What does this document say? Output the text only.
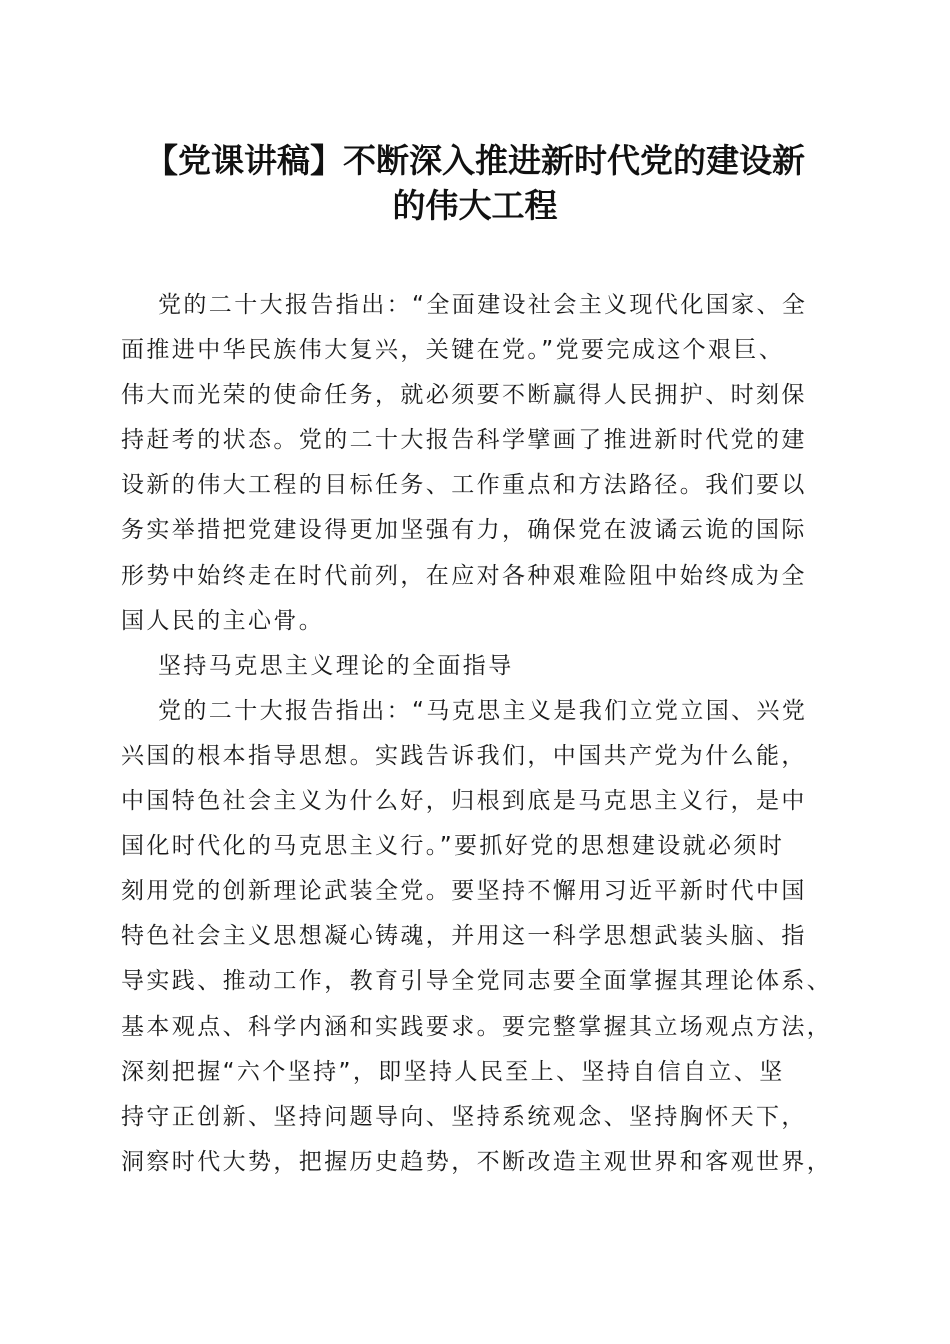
【党课讲稿】不断深入推进新时代党的建设新
的伟大工程
党的二十大报告指出：“全面建设社会主义现代化国家、全
面推进中华民族伟大复兴，关键在党。”党要完成这个艰巨、
伟大而光荣的使命任务，就必须要不断赢得人民拥护、时刻保
持赶考的状态。党的二十大报告科学擘画了推进新时代党的建
设新的伟大工程的目标任务、工作重点和方法路径。我们要以
务实举措把党建设得更加坚强有力，确保党在波谲云诡的国际
形势中始终走在时代前列，在应对各种艰难险阻中始终成为全
国人民的主心骨。
坚持马克思主义理论的全面指导
党的二十大报告指出：“马克思主义是我们立党立国、兴党
兴国的根本指导思想。实践告诉我们，中国共产党为什么能，
中国特色社会主义为什么好，归根到底是马克思主义行，是中
国化时代化的马克思主义行。”要抓好党的思想建设就必须时
刻用党的创新理论武装全党。要坚持不懈用习近平新时代中国
特色社会主义思想凝心铸魂，并用这一科学思想武装头脑、指
导实践、推动工作，教育引导全党同志要全面掌握其理论体系、
基本观点、科学内涵和实践要求。要完整掌握其立场观点方法，
深刻把握“六个坚持”，即坚持人民至上、坚持自信自立、坚
持守正创新、坚持问题导向、坚持系统观念、坚持胸怀天下，
洞察时代大势，把握历史趋势，不断改造主观世界和客观世界，
